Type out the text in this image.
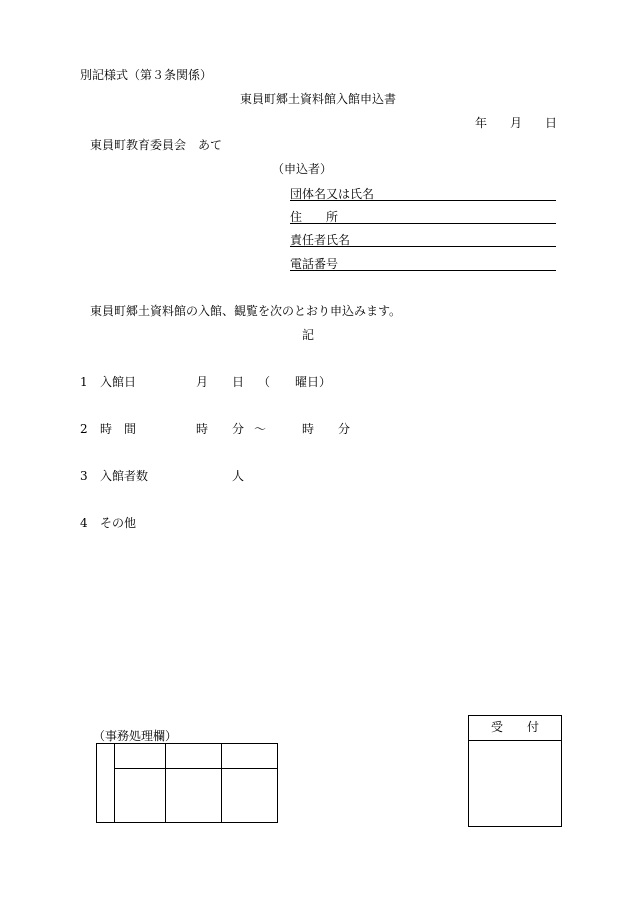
別記様式（第３条関係）
東員町郷土資料館入館申込書
年 月 日
東員町教育委員会　あて
（申込者）
団体名又は氏名
住　　所
責任者氏名
電話番号
東員町郷土資料館の入館、観覧を次のとおり申込みます。
記
1 入館日	月 日 （ 曜日）
2 時　間	時 分 ～	時 分
3 入館者数	人
4 その他
（事務処理欄）

受　　付
